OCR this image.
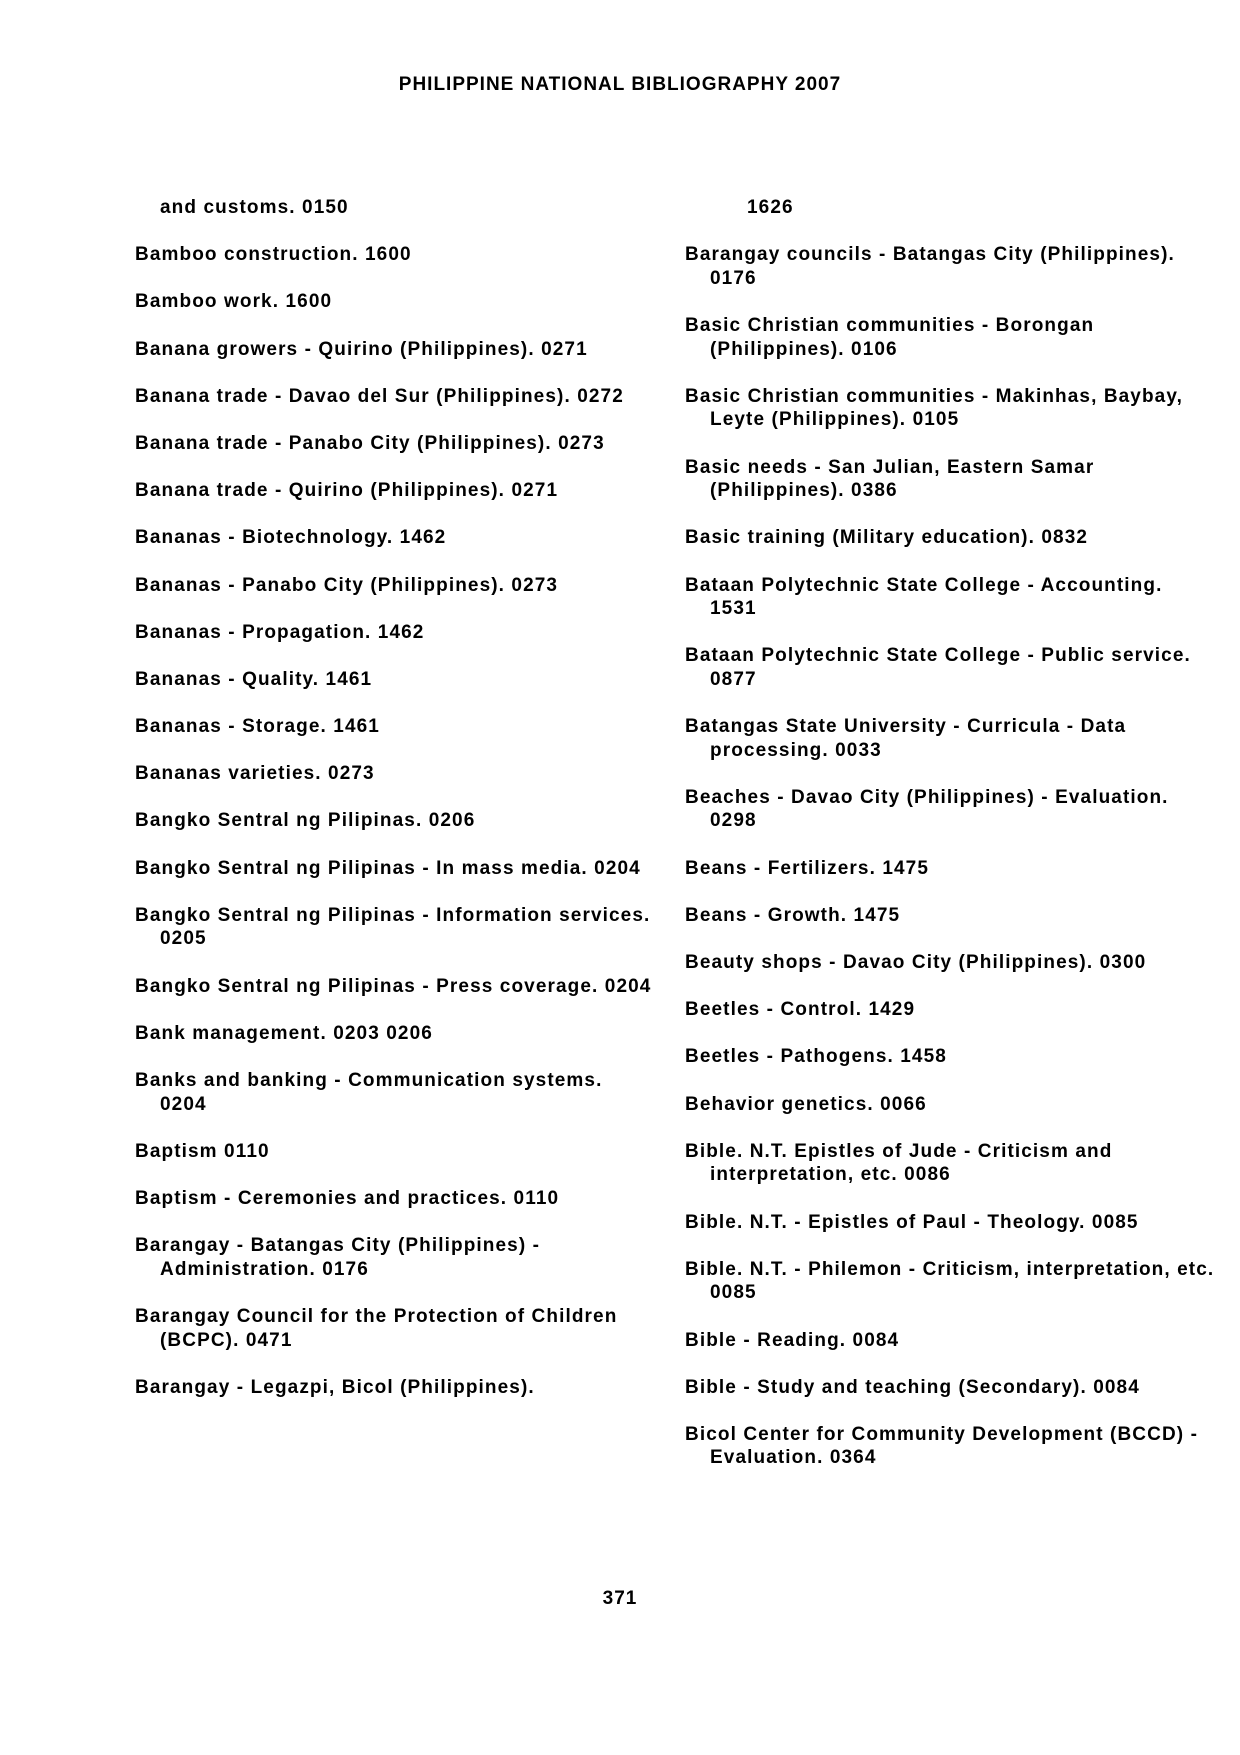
PHILIPPINE NATIONAL BIBLIOGRAPHY 2007
and customs. 0150
Bamboo construction. 1600
Bamboo work. 1600
Banana growers - Quirino (Philippines). 0271
Banana trade - Davao del Sur (Philippines). 0272
Banana trade - Panabo City (Philippines). 0273
Banana trade - Quirino (Philippines). 0271
Bananas - Biotechnology. 1462
Bananas - Panabo City (Philippines). 0273
Bananas - Propagation. 1462
Bananas - Quality. 1461
Bananas - Storage. 1461
Bananas varieties. 0273
Bangko Sentral ng Pilipinas. 0206
Bangko Sentral ng Pilipinas - In mass media. 0204
Bangko Sentral ng Pilipinas - Information services. 0205
Bangko Sentral ng Pilipinas - Press coverage. 0204
Bank management. 0203 0206
Banks and banking - Communication systems. 0204
Baptism 0110
Baptism - Ceremonies and practices. 0110
Barangay - Batangas City (Philippines) - Administration. 0176
Barangay Council for the Protection of Children (BCPC). 0471
Barangay - Legazpi, Bicol (Philippines).
1626
Barangay councils - Batangas City (Philippines). 0176
Basic Christian communities - Borongan (Philippines). 0106
Basic Christian communities - Makinhas, Baybay, Leyte (Philippines). 0105
Basic needs - San Julian, Eastern Samar (Philippines). 0386
Basic training (Military education). 0832
Bataan Polytechnic State College - Accounting. 1531
Bataan Polytechnic State College - Public service. 0877
Batangas State University - Curricula - Data processing. 0033
Beaches - Davao City (Philippines) - Evaluation. 0298
Beans - Fertilizers. 1475
Beans - Growth. 1475
Beauty shops - Davao City (Philippines). 0300
Beetles - Control. 1429
Beetles - Pathogens. 1458
Behavior genetics. 0066
Bible. N.T. Epistles of Jude - Criticism and interpretation, etc. 0086
Bible. N.T. - Epistles of Paul - Theology. 0085
Bible. N.T. - Philemon - Criticism, interpretation, etc. 0085
Bible - Reading. 0084
Bible - Study and teaching (Secondary). 0084
Bicol Center for Community Development (BCCD) - Evaluation. 0364
371
